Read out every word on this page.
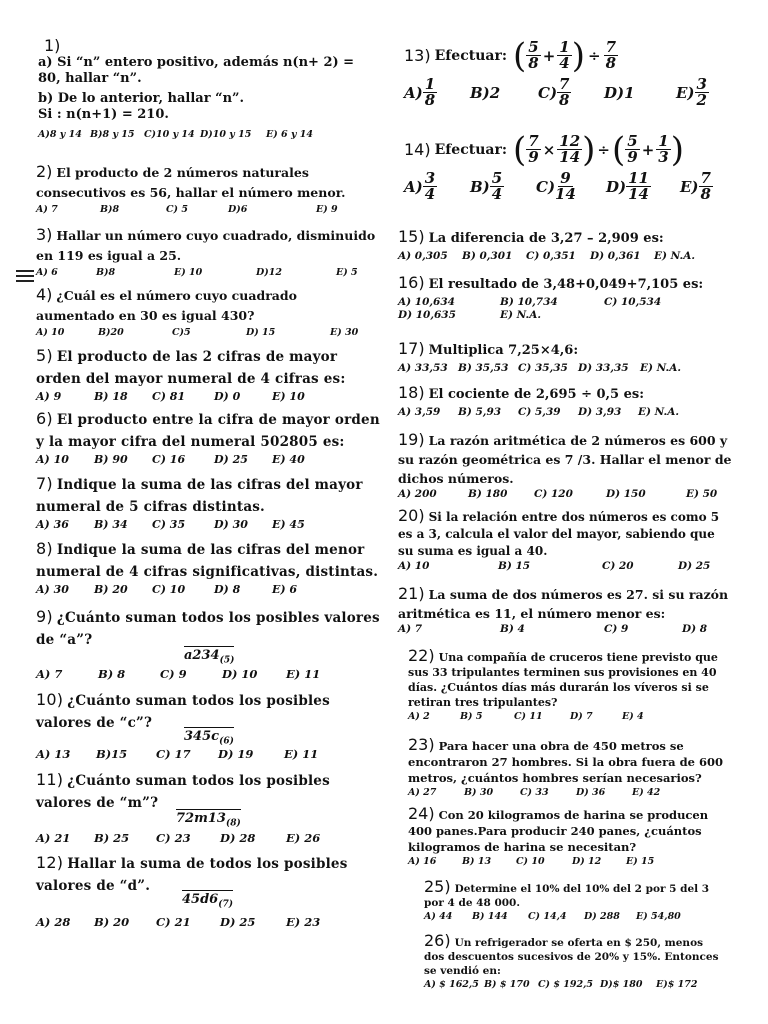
1)
a) Si “n” entero positivo, además n(n+ 2) = 80, hallar “n”.
b) De lo anterior, hallar “n”.
Si : n(n+1) = 210.
A)8 y 14 B)8 y 15	C)10 y 14 D)10 y 15	E) 6 y 14
2) El producto de 2 números naturales consecutivos es 56, hallar el número menor.
A) 7	B)8	C) 5	D)6	E) 9
3) Hallar un número cuyo cuadrado, disminuido en 119 es igual a 25.
A) 6	B)8	E) 10	D)12	E) 5
4) ¿Cuál es el número cuyo cuadrado aumentado en 30 es igual 430?
A) 10	B)20	C)5	D) 15	E) 30
5) El producto de las 2 cifras de mayor orden del mayor numeral de 4 cifras es:
A) 9	B) 18	C) 81	D) 0	E) 10
6) El producto entre la cifra de mayor orden y la mayor cifra del numeral 502805 es:
A) 10	B) 90	C) 16	D) 25	E) 40
7) Indique la suma de las cifras del mayor numeral de 5 cifras distintas.
A) 36	B) 34	C) 35	D) 30	E) 45
8) Indique la suma de las cifras del menor numeral de 4 cifras significativas, distintas.
A) 30	B) 20	C) 10	D) 8	E) 6
9) ¿Cuánto suman todos los posibles valores de “a”?
$a234_{(5)}$
A) 7	B) 8	C) 9	D) 10	E) 11
10) ¿Cuánto suman todos los posibles valores de “c”?
$345c_{(6)}$
A) 13	B)15	C) 17	D) 19	E) 11
11) ¿Cuánto suman todos los posibles valores de “m”?
$72m13_{(8)}$
A) 21	B) 25	C) 23	D) 28	E) 26
12) Hallar la suma de todos los posibles valores de “d”.
$45d6_{(7)}$
A) 28	B) 20	C) 21	D) 25	E) 23
13) Efectuar: ( $\frac{5}{8} + \frac{1}{4}$ ) ÷ $\frac{7}{8}$
$A) \frac{1}{8} B$) 2	$C) \frac{7}{8} D$) 1	$E) \frac{3}{2}$
14) Efectuar: ( $\frac{7}{9} \times \frac{12}{14}$ ) ÷ ( $\frac{5}{9} + \frac{1}{3}$ )
$A) \frac{3}{4} B) \frac{5}{4} C) \frac{9}{14} D) \frac{11}{14} E) \frac{7}{8}$
15) La diferencia de 3,27 – 2,909 es:
A) 0,305	B) 0,301	C) 0,351	D) 0,361	E) N.A.
16) El resultado de 3,48+0,049+7,105 es:
A) 10,634	B) 10,734	C) 10,534
D) 10,635	E) N.A.
17) Multiplica 7,25×4,6:
A) 33,53 B) 35,53 C) 35,35 D) 33,35	E) N.A.
18) El cociente de 2,695 ÷ 0,5 es:
A) 3,59	B) 5,93	C) 5,39	D) 3,93	E) N.A.
19) La razón aritmética de 2 números es 600 y su razón geométrica es 7 /3. Hallar el menor de dichos números.
A) 200	B) 180	C) 120	D) 150	E) 50
20) Si la relación entre dos números es como 5 es a 3, calcula el valor del mayor, sabiendo que su suma es igual a 40.
A) 10	B) 15	C) 20	D) 25
21) La suma de dos números es 27. si su razón aritmética es 11, el número menor es:
A) 7	B) 4	C) 9	D) 8
22) Una compañía de cruceros tiene previsto que sus 33 tripulantes terminen sus provisiones en 40 días. ¿Cuántos días más durarán los víveros si se retiran tres tripulantes?
A) 2	B) 5	C) 11	D) 7	E) 4
23) Para hacer una obra de 450 metros se encontraron 27 hombres. Si la obra fuera de 600 metros, ¿cuántos hombres serían necesarios?
A) 27	B) 30	C) 33	D) 36	E) 42
24) Con 20 kilogramos de harina se producen 400 panes.Para producir 240 panes, ¿cuántos kilogramos de harina se necesitan?
A) 16	B) 13	C) 10	D) 12	E) 15
25) Determine el 10% del 10% del 2 por 5 del 3 por 4 de 48 000.
A) 44	B) 144	C) 14,4	D) 288	E) 54,80
26) Un refrigerador se oferta en $ 250, menos dos descuentos sucesivos de 20% y 15%. Entonces se vendió en:
A) $ 162,5 B) $ 170 C) $ 192,5 D)$ 180	E)$ 172
